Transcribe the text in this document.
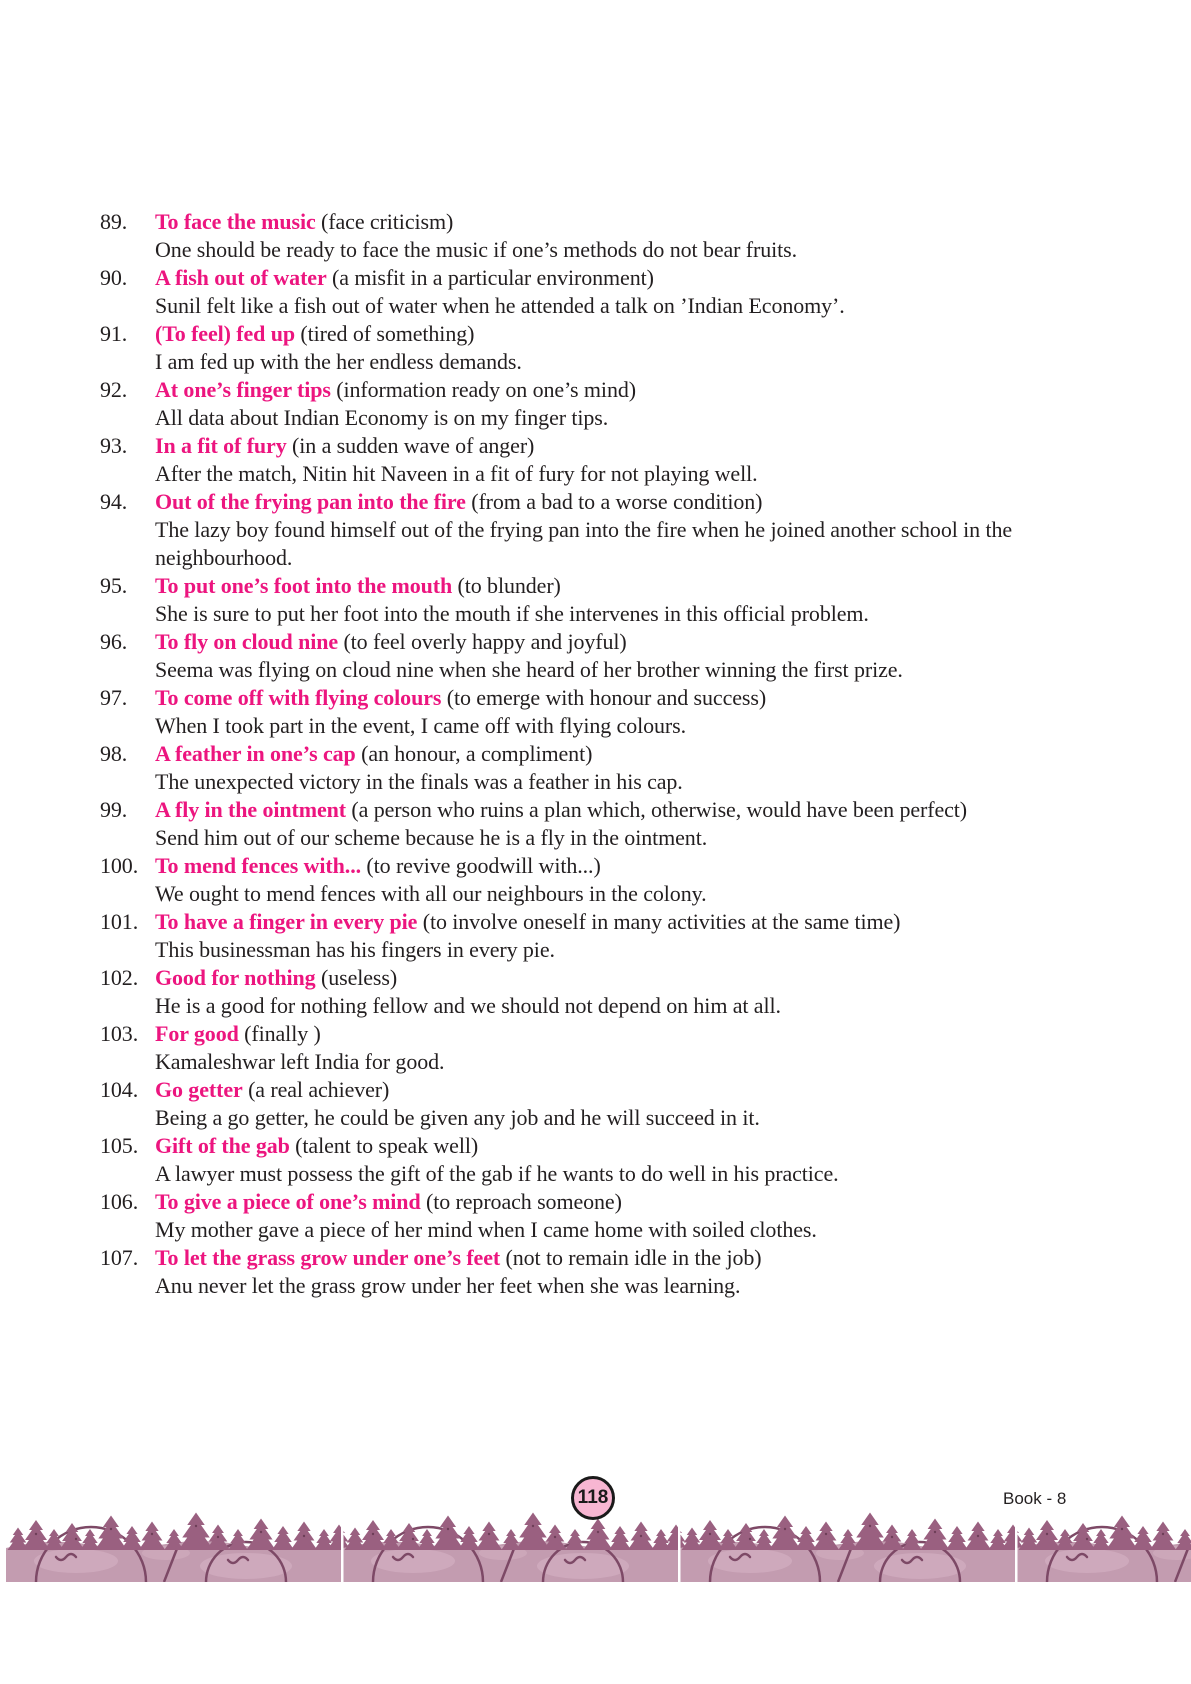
89.	To face the music (face criticism)
One should be ready to face the music if one’s methods do not bear fruits.
90.	A fish out of water (a misfit in a particular environment)
Sunil felt like a fish out of water when he attended a talk on ’Indian Economy’.
91.	(To feel) fed up (tired of something)
I am fed up with the her endless demands.
92.	At one’s finger tips (information ready on one’s mind)
All data about Indian Economy is on my finger tips.
93.	In a fit of fury (in a sudden wave of anger)
After the match, Nitin hit Naveen in a fit of fury for not playing well.
94.	Out of the frying pan into the fire (from a bad to a worse condition)
The lazy boy found himself out of the frying pan into the fire when he joined another school in the neighbourhood.
95.	To put one’s foot into the mouth (to blunder)
She is sure to put her foot into the mouth if she intervenes in this official problem.
96.	To fly on cloud nine (to feel overly happy and joyful)
Seema was flying on cloud nine when she heard of her brother winning the first prize.
97.	To come off with flying colours (to emerge with honour and success)
When I took part in the event, I came off with flying colours.
98.	A feather in one’s cap (an honour, a compliment)
The unexpected victory in the finals was a feather in his cap.
99.	A fly in the ointment (a person who ruins a plan which, otherwise, would have been perfect)
Send him out of our scheme because he is a fly in the ointment.
100. To mend fences with... (to revive goodwill with...)
We ought to mend fences with all our neighbours in the colony.
101. To have a finger in every pie (to involve oneself in many activities at the same time)
This businessman has his fingers in every pie.
102. Good for nothing (useless)
He is a good for nothing fellow and we should not depend on him at all.
103. For good (finally )
Kamaleshwar left India for good.
104. Go getter (a real achiever)
Being a go getter, he could be given any job and he will succeed in it.
105. Gift of the gab (talent to speak well)
A lawyer must possess the gift of the gab if he wants to do well in his practice.
106. To give a piece of one’s mind (to reproach someone)
My mother gave a piece of her mind when I came home with soiled clothes.
107. To let the grass grow under one’s feet (not to remain idle in the job)
Anu never let the grass grow under her feet when she was learning.
118	Book - 8
